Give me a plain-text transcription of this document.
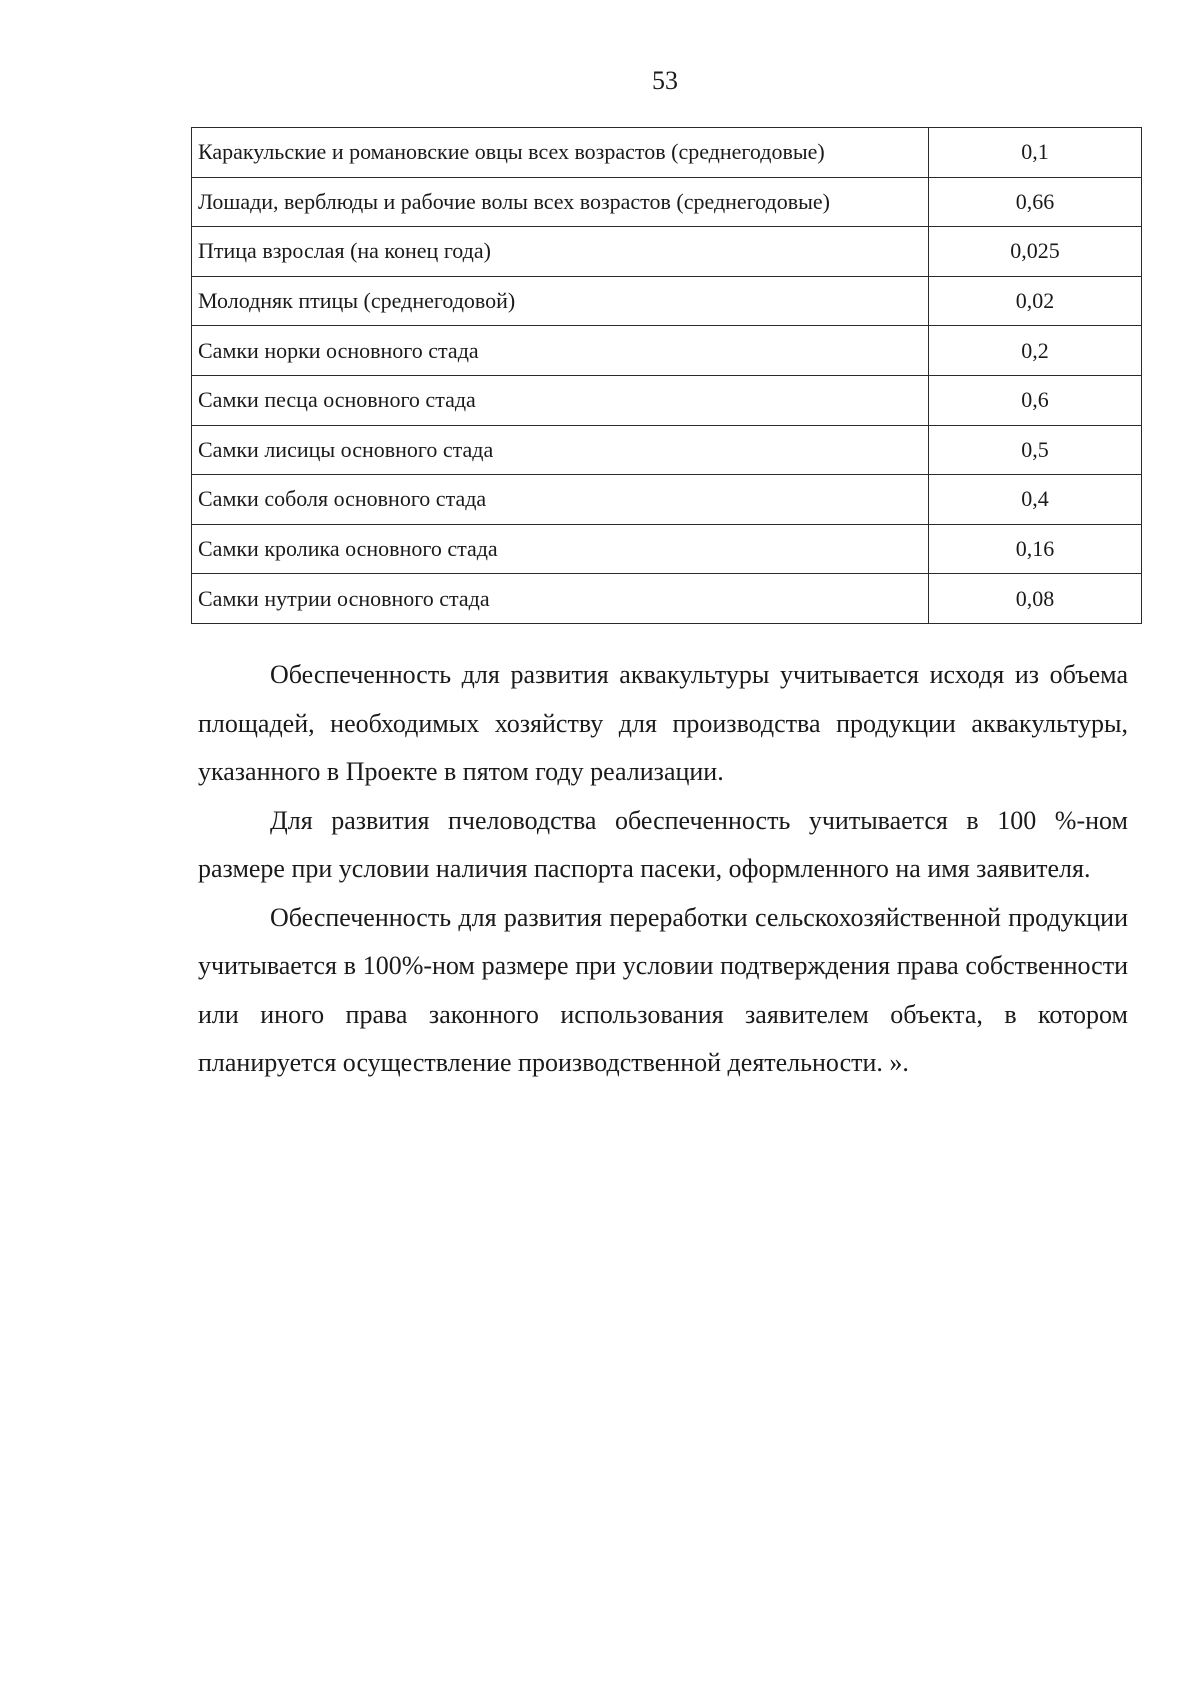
53
Каракульские и романовские овцы всех возрастов (среднегодовые)	0,1
Лошади, верблюды и рабочие волы всех возрастов (среднегодовые)	0,66
Птица взрослая (на конец года)	0,025
Молодняк птицы (среднегодовой)	0,02
Самки норки основного стада	0,2
Самки песца основного стада	0,6
Самки лисицы основного стада	0,5
Самки соболя основного стада	0,4
Самки кролика основного стада	0,16
Самки нутрии основного стада	0,08

Обеспеченность для развития аквакультуры учитывается исходя из объема площадей, необходимых хозяйству для производства продукции аквакультуры, указанного в Проекте в пятом году реализации.

Для развития пчеловодства обеспеченность учитывается в 100 %-ном размере при условии наличия паспорта пасеки, оформленного на имя заявителя.

Обеспеченность для развития переработки сельскохозяйственной продукции учитывается в 100%-ном размере при условии подтверждения права собственности или иного права законного использования заявителем объекта, в котором планируется осуществление производственной деятельности. ».
